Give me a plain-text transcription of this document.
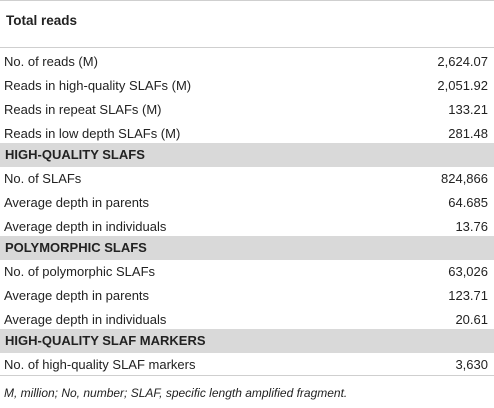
Total reads
No. of reads (M)	2,624.07
Reads in high-quality SLAFs (M)	2,051.92
Reads in repeat SLAFs (M)	133.21
Reads in low depth SLAFs (M)	281.48
HIGH-QUALITY SLAFS
No. of SLAFs	824,866
Average depth in parents	64.685
Average depth in individuals	13.76
POLYMORPHIC SLAFS
No. of polymorphic SLAFs	63,026
Average depth in parents	123.71
Average depth in individuals	20.61
HIGH-QUALITY SLAF MARKERS
No. of high-quality SLAF markers	3,630
M, million; No, number; SLAF, specific length amplified fragment.
